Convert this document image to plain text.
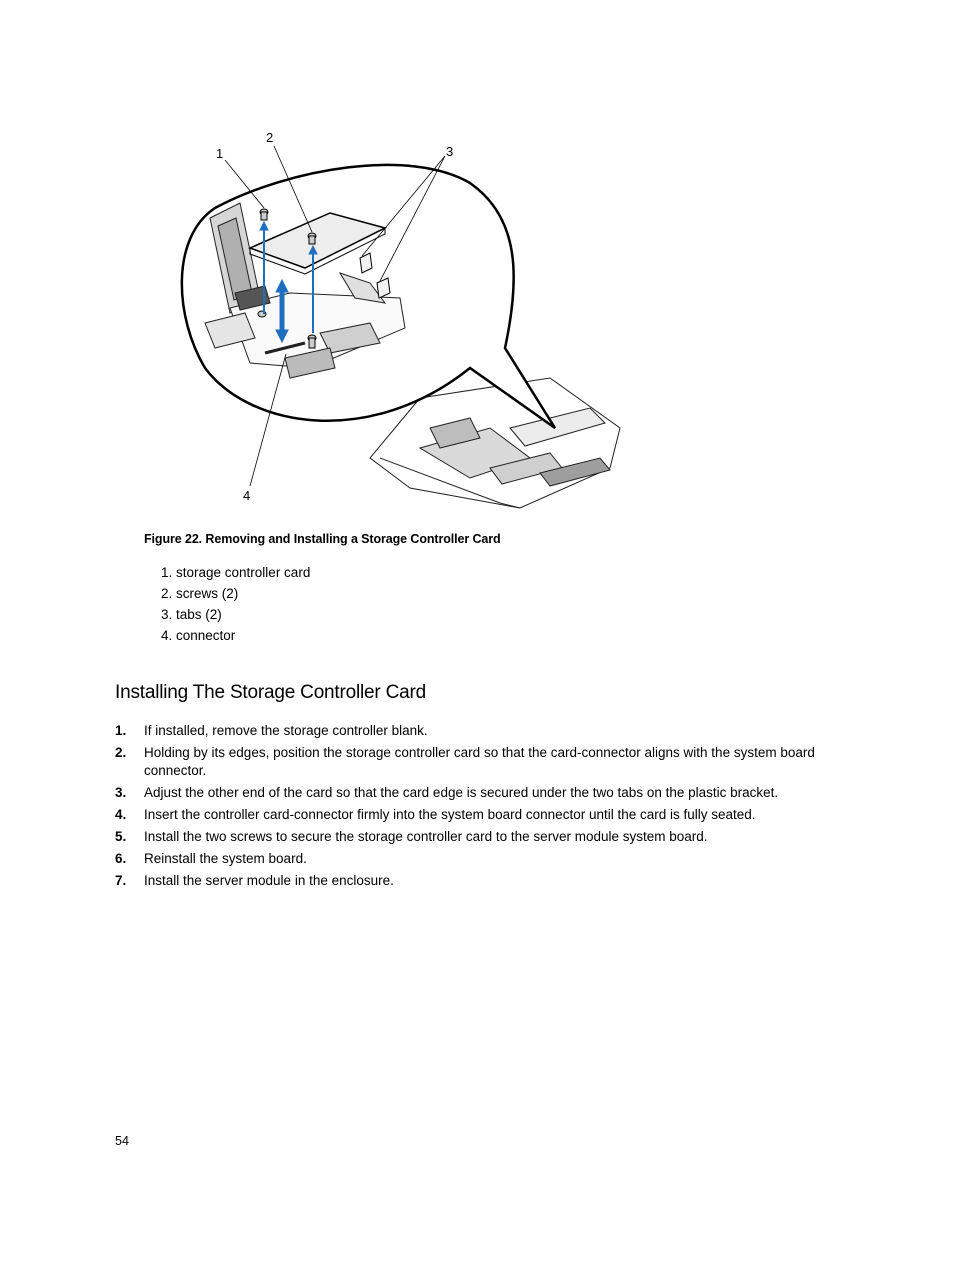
1
2
3
4
Figure 22. Removing and Installing a Storage Controller Card
1. storage controller card
2. screws (2)
3. tabs (2)
4. connector
Installing The Storage Controller Card
1. If installed, remove the storage controller blank.
2. Holding by its edges, position the storage controller card so that the card-connector aligns with the system board connector.
3. Adjust the other end of the card so that the card edge is secured under the two tabs on the plastic bracket.
4. Insert the controller card-connector firmly into the system board connector until the card is fully seated.
5. Install the two screws to secure the storage controller card to the server module system board.
6. Reinstall the system board.
7. Install the server module in the enclosure.
54
